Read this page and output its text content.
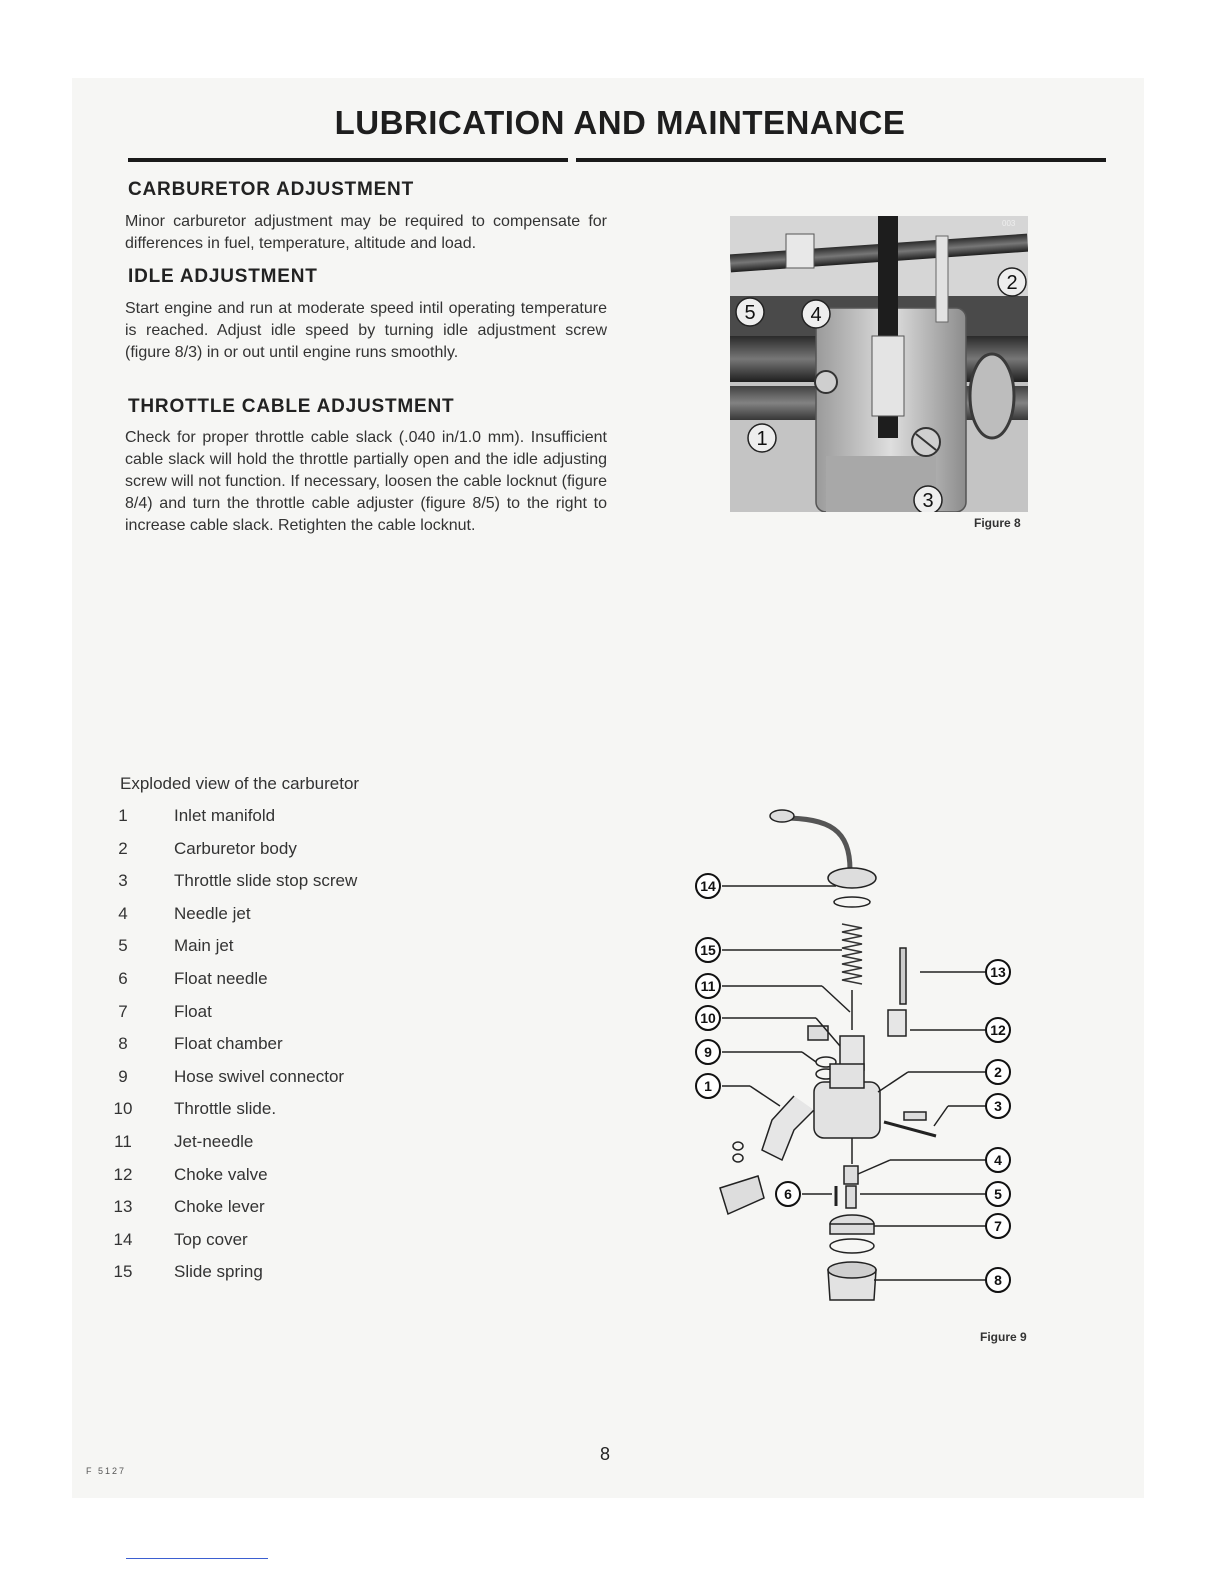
LUBRICATION AND MAINTENANCE
CARBURETOR ADJUSTMENT

Minor carburetor adjustment may be required to compensate for differences in fuel, temperature, altitude and load.

IDLE ADJUSTMENT

Start engine and run at moderate speed intil operating temperature is reached. Adjust idle speed by turning idle adjustment screw (figure 8/3) in or out until engine runs smoothly.

THROTTLE CABLE ADJUSTMENT

Check for proper throttle cable slack (.040 in/1.0 mm). Insufficient cable slack will hold the throttle partially open and the idle adjusting screw will not function. If necessary, loosen the cable locknut (figure 8/4) and turn the throttle cable adjuster (figure 8/5) to the right to increase cable slack. Retighten the cable locknut.

1
2
3
4
5
003
Figure 8

Exploded view of the carburetor

1	Inlet manifold
2	Carburetor body
3	Throttle slide stop screw
4	Needle jet
5	Main jet
6	Float needle
7	Float
8	Float chamber
9	Hose swivel connector
10 Throttle slide.
11 Jet-needle
12 Choke valve
13 Choke lever
14 Top cover
15 Slide spring
14
15
11
10
9
1
6
13
12
2
3
4
5
7
8
Figure 9
8
F 5127
